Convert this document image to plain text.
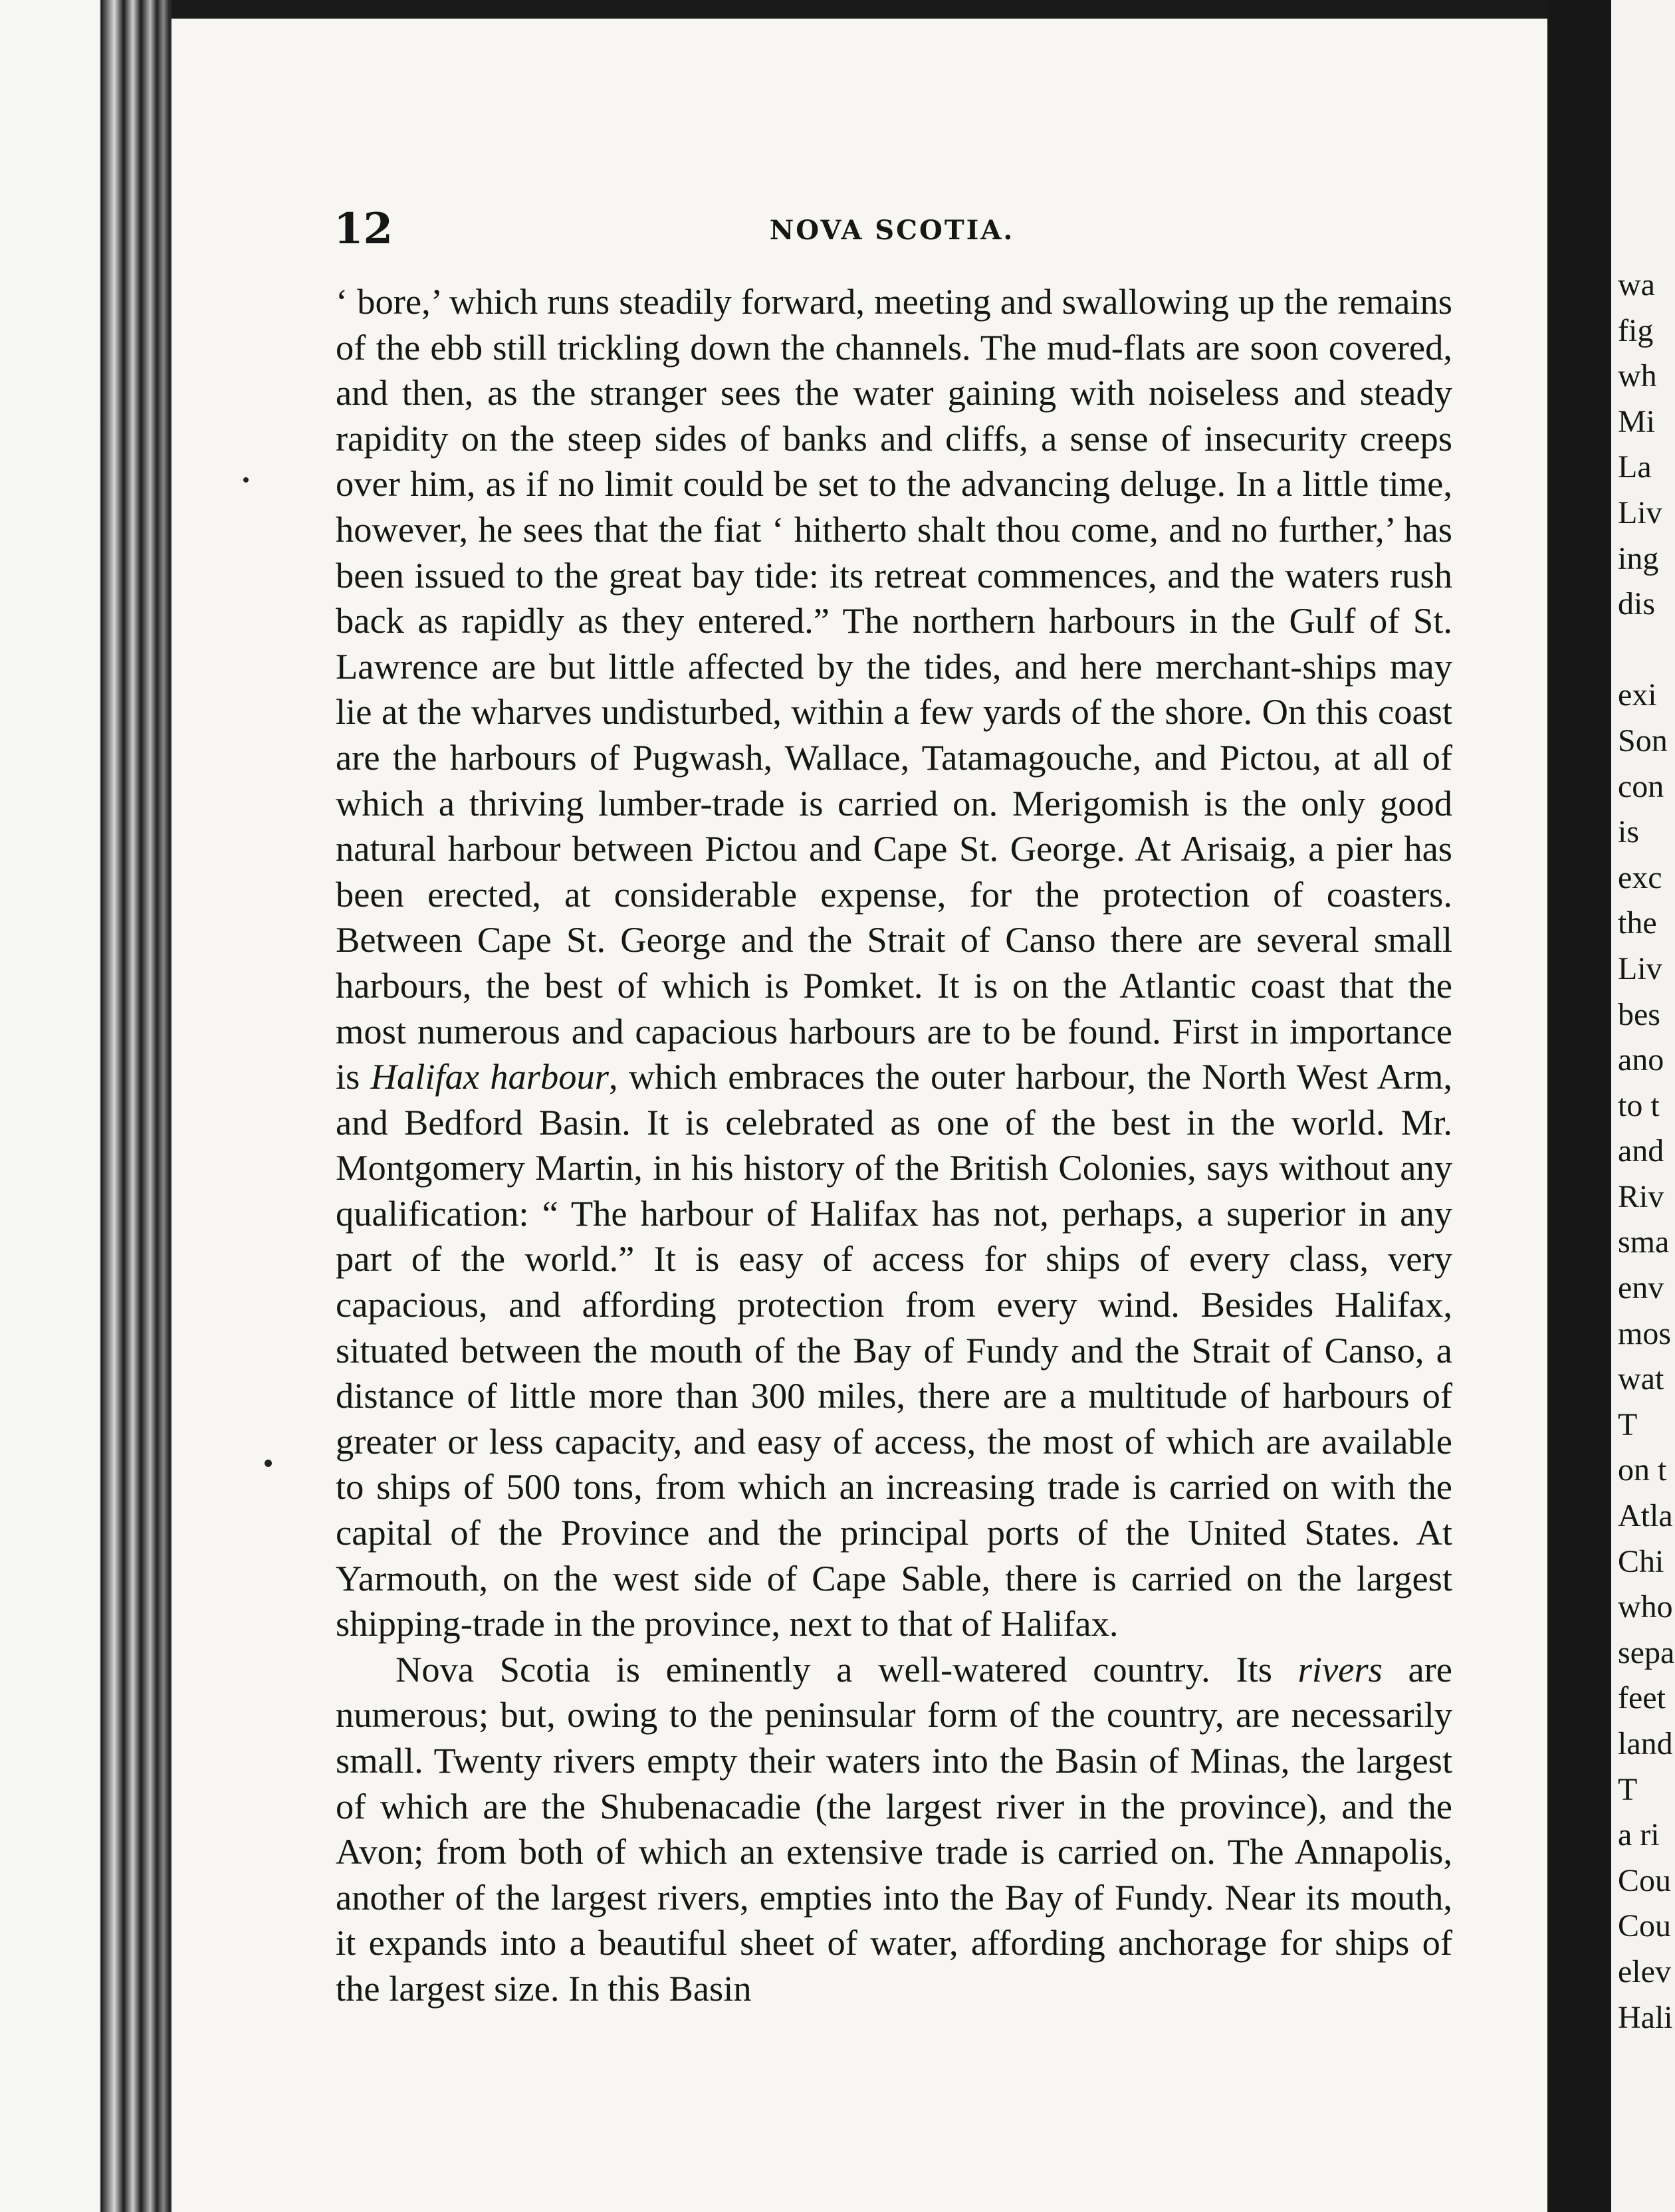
12	NOVA SCOTIA.

‘ bore,’ which runs steadily forward, meeting and swallowing up the remains of the ebb still trickling down the channels. The mud-flats are soon covered, and then, as the stranger sees the water gaining with noiseless and steady rapidity on the steep sides of banks and cliffs, a sense of insecurity creeps over him, as if no limit could be set to the advancing deluge. In a little time, however, he sees that the fiat ‘ hitherto shalt thou come, and no further,’ has been issued to the great bay tide: its retreat commences, and the waters rush back as rapidly as they entered.” The northern harbours in the Gulf of St. Lawrence are but little affected by the tides, and here merchant-ships may lie at the wharves undisturbed, within a few yards of the shore. On this coast are the harbours of Pugwash, Wallace, Tatamagouche, and Pictou, at all of which a thriving lumber-trade is carried on. Merigomish is the only good natural harbour between Pictou and Cape St. George. At Arisaig, a pier has been erected, at considerable expense, for the protection of coasters. Between Cape St. George and the Strait of Canso there are several small harbours, the best of which is Pomket. It is on the Atlantic coast that the most numerous and capacious harbours are to be found. First in importance is Halifax harbour, which embraces the outer harbour, the North West Arm, and Bedford Basin. It is celebrated as one of the best in the world. Mr. Montgomery Martin, in his history of the British Colonies, says without any qualification: “ The harbour of Halifax has not, perhaps, a superior in any part of the world.” It is easy of access for ships of every class, very capacious, and affording protection from every wind. Besides Halifax, situated between the mouth of the Bay of Fundy and the Strait of Canso, a distance of little more than 300 miles, there are a multitude of harbours of greater or less capacity, and easy of access, the most of which are available to ships of 500 tons, from which an increasing trade is carried on with the capital of the Province and the principal ports of the United States. At Yarmouth, on the west side of Cape Sable, there is carried on the largest shipping-trade in the province, next to that of Halifax.

Nova Scotia is eminently a well-watered country. Its rivers are numerous; but, owing to the peninsular form of the country, are necessarily small. Twenty rivers empty their waters into the Basin of Minas, the largest of which are the Shubenacadie (the largest river in the province), and the Avon; from both of which an extensive trade is carried on. The Annapolis, another of the largest rivers, empties into the Bay of Fundy. Near its mouth, it expands into a beautiful sheet of water, affording anchorage for ships of the largest size. In this Basin

wa
fig
wh
Mi
La
Liv
ing
dis
exi
Son
con
is
exc
the
Liv
bes
ano
to t
and
Riv
sma
env
mos
wat
T
on t
Atla
Chi
who
sepa
feet
land
T
a ri
Cou
Cou
elev
Hali
